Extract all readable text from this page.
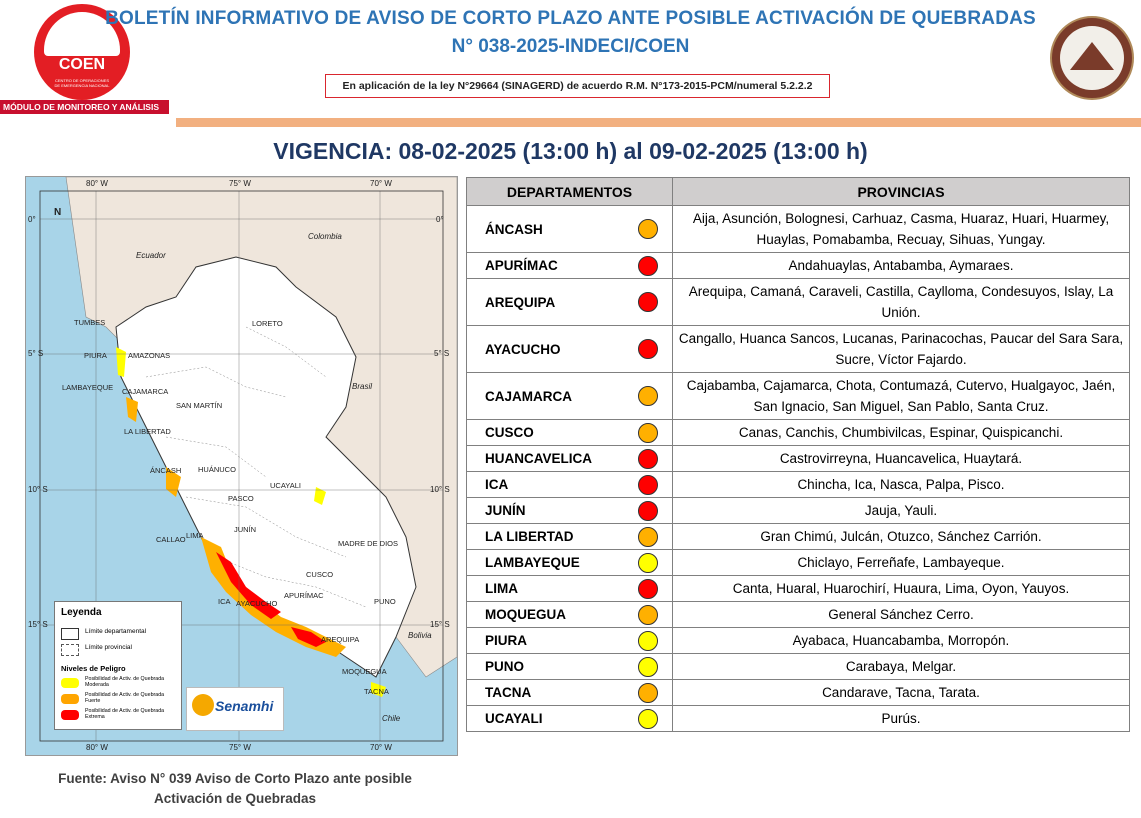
COEN
CENTRO DE OPERACIONES DE EMERGENCIA NACIONAL
MÓDULO DE MONITOREO Y ANÁLISIS
BOLETÍN INFORMATIVO DE AVISO DE CORTO PLAZO ANTE POSIBLE ACTIVACIÓN DE QUEBRADAS
N° 038-2025-INDECI/COEN
En aplicación de la ley N°29664 (SINAGERD) de acuerdo R.M. N°173-2015-PCM/numeral 5.2.2.2
VIGENCIA: 08-02-2025 (13:00 h) al 09-02-2025 (13:00 h)
80° W	75° W	70° W
80° W	75° W	70° W
0°
5° S
10° S
15° S
0°
5° S
10° S
15° S
N
Ecuador
Colombia
Brasil
Bolivia
Chile
TUMBES
PIURA	AMAZONAS
LAMBAYEQUE CAJAMARCA
SAN MARTÍN
LA LIBERTAD
LORETO
ÁNCASH HUÁNUCO
UCAYALI
PASCO
JUNÍN
CALLAO LIMA
MADRE DE DIOS
CUSCO
ICA AYACUCHO
APURÍMAC
PUNO
AREQUIPA
MOQUEGUA
TACNA
Leyenda
Límite departamental
Límite provincial
Niveles de Peligro
Posibilidad de Activ. de Quebrada Moderada
Posibilidad de Activ. de Quebrada Fuerte
Posibilidad de Activ. de Quebrada Extrema
Senamhi
Fuente: Aviso N° 039 Aviso de Corto Plazo ante posible
Activación de Quebradas
DEPARTAMENTOS	PROVINCIAS
ÁNCASH	Aija, Asunción, Bolognesi, Carhuaz, Casma, Huaraz, Huari, Huarmey, Huaylas, Pomabamba, Recuay, Sihuas, Yungay.
APURÍMAC	Andahuaylas, Antabamba, Aymaraes.
AREQUIPA	Arequipa, Camaná, Caraveli, Castilla, Caylloma, Condesuyos, Islay, La Unión.
AYACUCHO	Cangallo, Huanca Sancos, Lucanas, Parinacochas, Paucar del Sara Sara, Sucre, Víctor Fajardo.
CAJAMARCA	Cajabamba, Cajamarca, Chota, Contumazá, Cutervo, Hualgayoc, Jaén, San Ignacio, San Miguel, San Pablo, Santa Cruz.
CUSCO	Canas, Canchis, Chumbivilcas, Espinar, Quispicanchi.
HUANCAVELICA	Castrovirreyna, Huancavelica, Huaytará.
ICA	Chincha, Ica, Nasca, Palpa, Pisco.
JUNÍN	Jauja, Yauli.
LA LIBERTAD	Gran Chimú, Julcán, Otuzco, Sánchez Carrión.
LAMBAYEQUE	Chiclayo, Ferreñafe, Lambayeque.
LIMA	Canta, Huaral, Huarochirí, Huaura, Lima, Oyon, Yauyos.
MOQUEGUA	General Sánchez Cerro.
PIURA	Ayabaca, Huancabamba, Morropón.
PUNO	Carabaya, Melgar.
TACNA	Candarave, Tacna, Tarata.
UCAYALI	Purús.
